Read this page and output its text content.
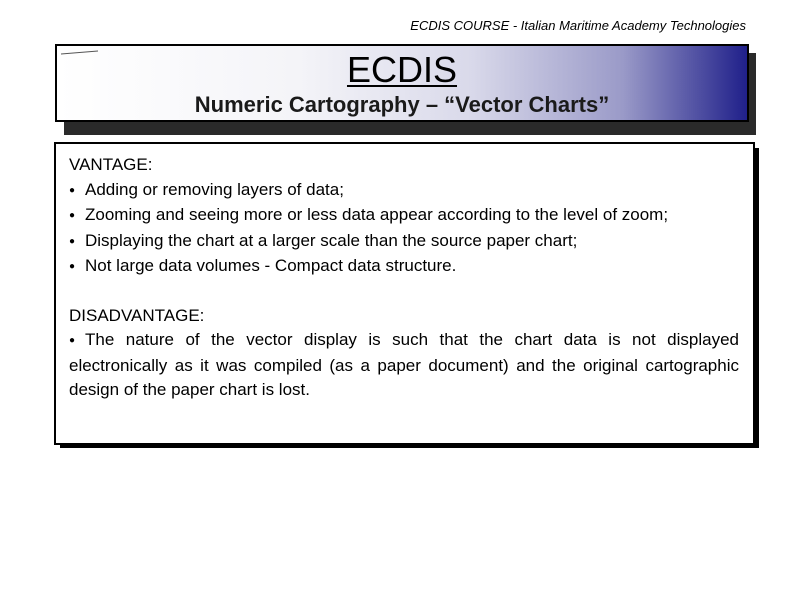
ECDIS COURSE - Italian Maritime Academy Technologies
ECDIS
Numeric Cartography – “Vector Charts”
VANTAGE:
● Adding or removing layers of data;
● Zooming and seeing more or less data appear according to the level of zoom;
● Displaying the chart at a larger scale than the source paper chart;
● Not large data volumes - Compact data structure.
DISADVANTAGE:
● The nature of the vector display is such that the chart data is not displayed electronically as it was compiled (as a paper document) and the original cartographic design of the paper chart is lost.
